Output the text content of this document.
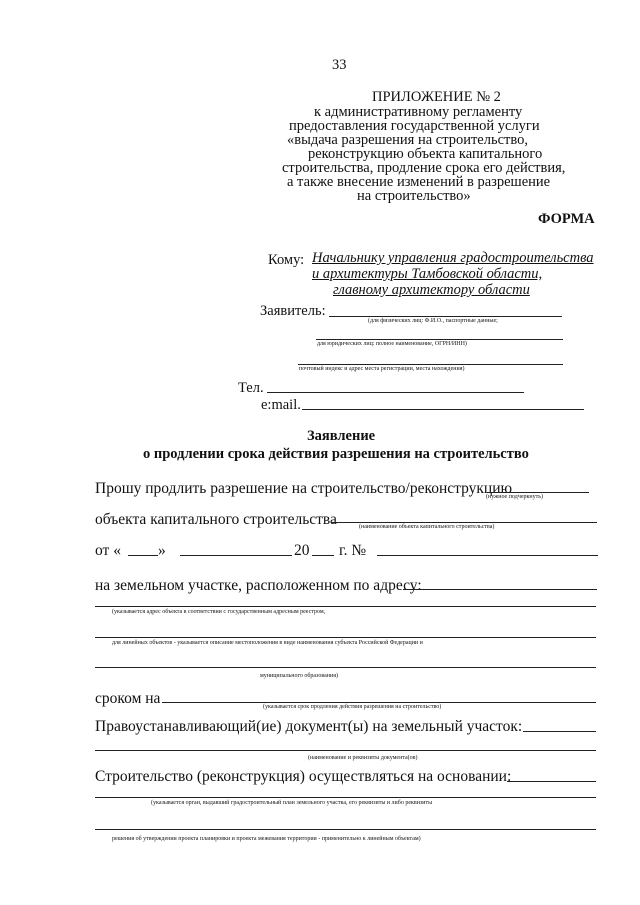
33
ПРИЛОЖЕНИЕ № 2
к административному регламенту
предоставления государственной услуги
«выдача разрешения на строительство,
реконструкцию объекта капитального
строительства, продление срока его действия,
а также внесение изменений в разрешение
на строительство»
ФОРМА
Кому: Начальнику управления градостроительства
и архитектуры Тамбовской области,
главному архитектору области
Заявитель:
(для физических лиц: Ф.И.О., паспортные данные;
для юридических лиц: полное наименование, ОГРН/ИНН)
почтовый индекс и адрес места регистрации, места нахождения)
Тел.
e:mail.
Заявление
о продлении срока действия разрешения на строительство
Прошу продлить разрешение на строительство/реконструкцию
(нужное подчеркнуть)
объекта капитального строительства	(наименование объекта капитального строительства)
от « »	20 г. №
на земельном участке, расположенном по адресу:
(указывается адрес объекта в соответствии с государственным адресным реестром,
для линейных объектов - указывается описание местоположения в виде наименования субъекта Российской Федерации и
муниципального образования)
сроком на	(указывается срок продления действия разрешения на строительство)
Правоустанавливающий(ие) документ(ы) на земельный участок:
(наименование и реквизиты документа(ов)
Строительство (реконструкция) осуществляться на основании:
(указывается орган, выдавший градостроительный план земельного участка, его реквизиты и либо реквизиты
решения об утверждении проекта планировки и проекта межевания территории - применительно к линейным объектам)
